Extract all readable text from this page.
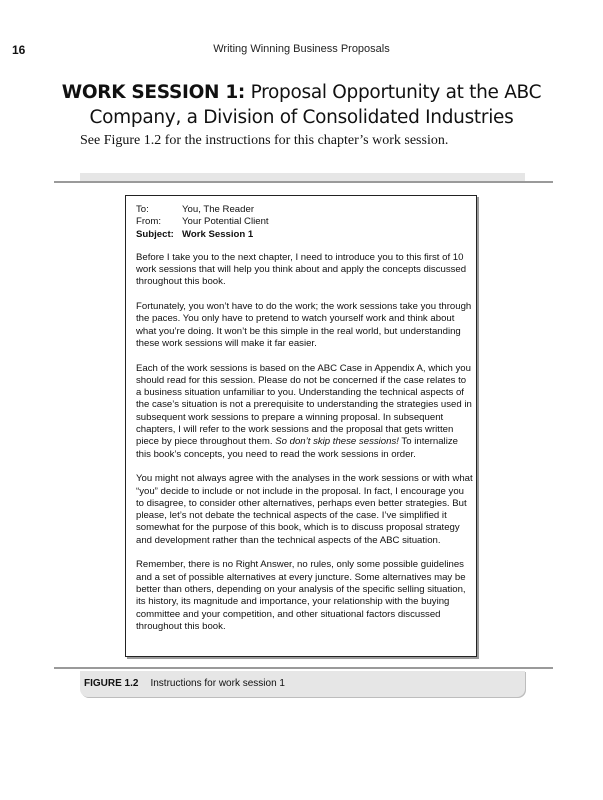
16	Writing Winning Business Proposals
WORK SESSION 1: Proposal Opportunity at the ABC Company, a Division of Consolidated Industries

See Figure 1.2 for the instructions for this chapter’s work session.

To:	You, The Reader
From:	Your Potential Client
Subject: Work Session 1

Before I take you to the next chapter, I need to introduce you to this first of 10 work sessions that will help you think about and apply the concepts discussed throughout this book.

Fortunately, you won’t have to do the work; the work sessions take you through the paces. You only have to pretend to watch yourself work and think about what you’re doing. It won’t be this simple in the real world, but understanding these work sessions will make it far easier.

Each of the work sessions is based on the ABC Case in Appendix A, which you should read for this session. Please do not be concerned if the case relates to a business situation unfamiliar to you. Understanding the technical aspects of the case’s situation is not a prerequisite to understanding the strategies used in subsequent work sessions to prepare a winning proposal. In subsequent chapters, I will refer to the work sessions and the proposal that gets written piece by piece throughout them. So don’t skip these sessions! To internalize this book’s concepts, you need to read the work sessions in order.

You might not always agree with the analyses in the work sessions or with what “you” decide to include or not include in the proposal. In fact, I encourage you to disagree, to consider other alternatives, perhaps even better strategies. But please, let’s not debate the technical aspects of the case. I’ve simplified it somewhat for the purpose of this book, which is to discuss proposal strategy and development rather than the technical aspects of the ABC situation.

Remember, there is no Right Answer, no rules, only some possible guidelines and a set of possible alternatives at every juncture. Some alternatives may be better than others, depending on your analysis of the specific selling situation, its history, its magnitude and importance, your relationship with the buying committee and your competition, and other situational factors discussed throughout this book.

FIGURE 1.2 Instructions for work session 1
